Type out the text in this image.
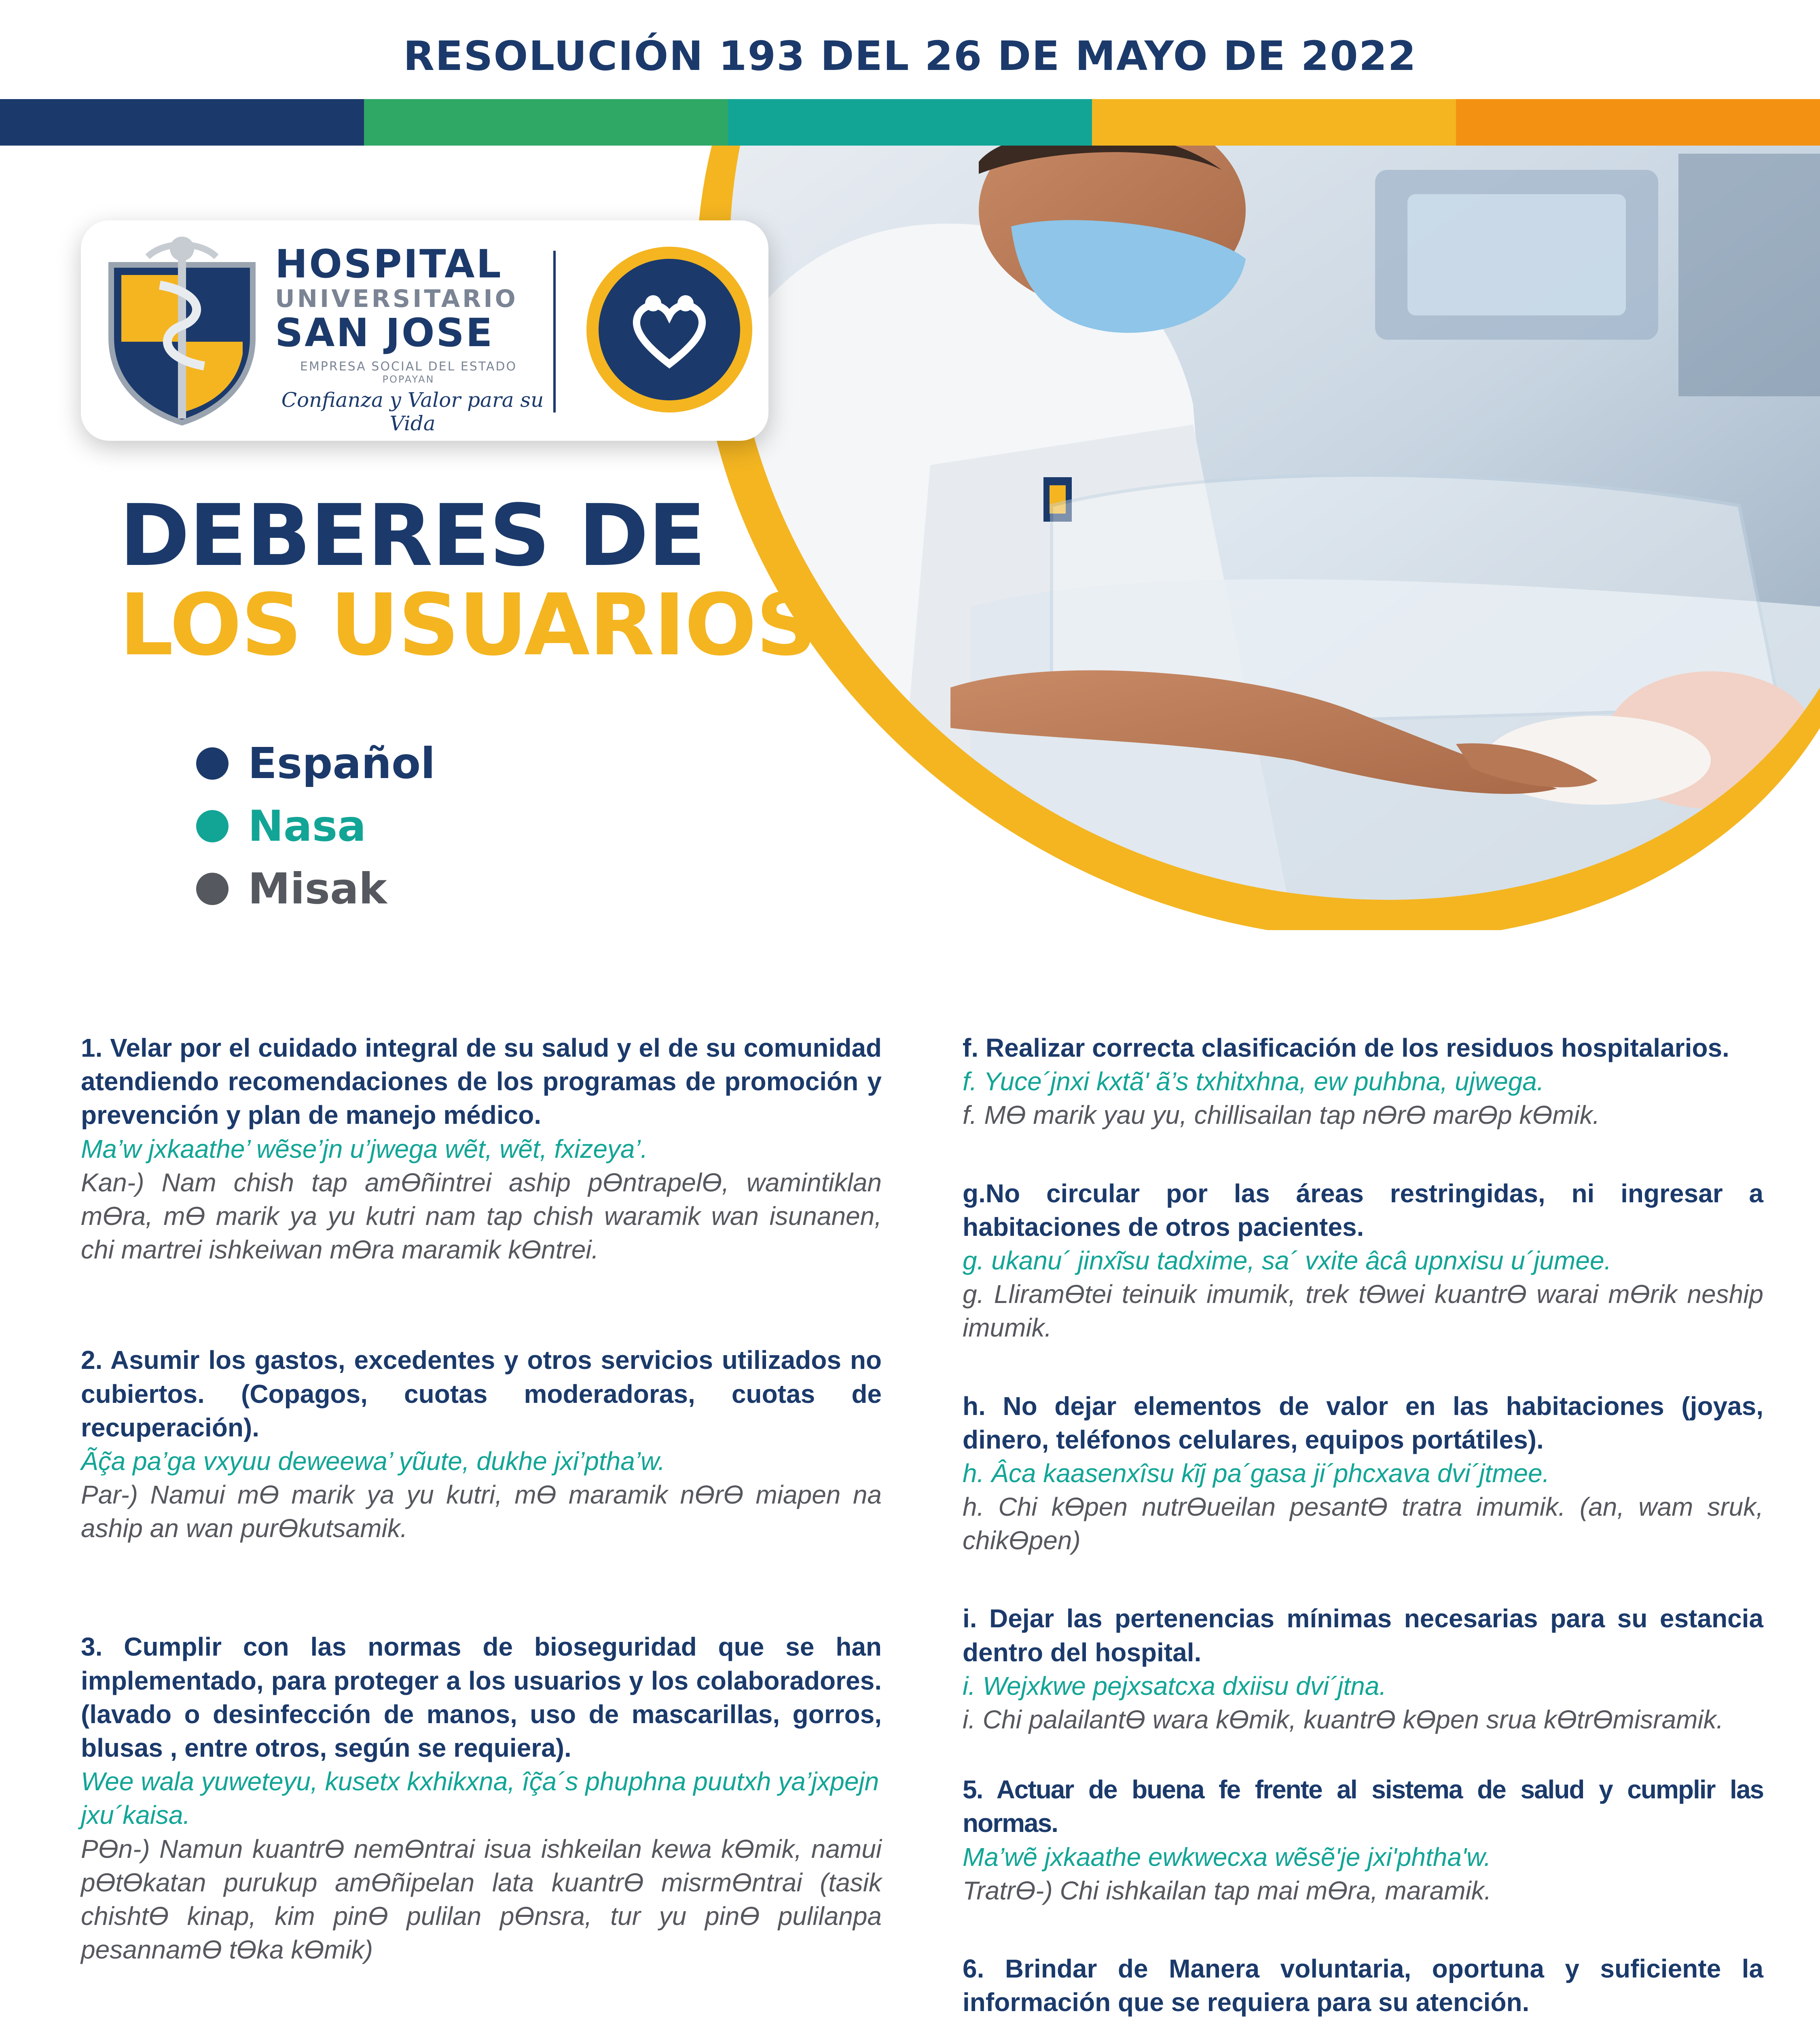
RESOLUCIÓN 193 DEL 26 DE MAYO DE 2022
HOSPITAL
UNIVERSITARIO
SAN JOSE
EMPRESA SOCIAL DEL ESTADO
POPAYAN
Confianza y Valor para su Vida
DEBERES DE
LOS USUARIOS
Español
Nasa
Misak
1. Velar por el cuidado integral de su salud y el de su comunidad atendiendo recomendaciones de los programas de promoción y prevención y plan de manejo médico.
Ma’w jxkaathe’ wẽse’jn u’jwega wẽt, wẽt, fxizeya’.
Kan-) Nam chish tap amϴñintrei aship pϴntrapelϴ, wamintiklan mϴra, mϴ marik ya yu kutri nam tap chish waramik wan isunanen, chi martrei ishkeiwan mϴra maramik kϴntrei.
2. Asumir los gastos, excedentes y otros servicios utilizados no cubiertos. (Copagos, cuotas moderadoras, cuotas de recuperación).
Ãç̃a pa’ga vxyuu deweewa’ yũute, dukhe jxi’ptha’w.
Par-) Namui mϴ marik ya yu kutri, mϴ maramik nϴrϴ miapen na aship an wan purϴkutsamik.
3. Cumplir con las normas de bioseguridad que se han implementado, para proteger a los usuarios y los colaboradores. (lavado o desinfección de manos, uso de mascarillas, gorros, blusas , entre otros, según se requiera).
Wee wala yuweteyu, kusetx kxhikxna, îç̃a´s phuphna puutxh ya’jxpejn jxu´kaisa.
Pϴn-) Namun kuantrϴ nemϴntrai isua ishkeilan kewa kϴmik, namui pϴtϴkatan purukup amϴñipelan lata kuantrϴ misrmϴntrai (tasik chishtϴ kinap, kim pinϴ pulilan pϴnsra, tur yu pinϴ pulilanpa pesannamϴ tϴka kϴmik)
f. Realizar correcta clasificación de los residuos hospitalarios.
f. Yuce´jnxi kxtã' ã’s txhitxhna, ew puhbna, ujwega.
f. Mϴ marik yau yu, chillisailan tap nϴrϴ marϴp kϴmik.
g.No circular por las áreas restringidas, ni ingresar a habitaciones de otros pacientes.
g. ukanu´ jinxĩsu tadxime, sa´ vxite âcâ upnxisu u´jumee.
g. Lliramϴtei teinuik imumik, trek tϴwei kuantrϴ warai mϴrik neship imumik.
h. No dejar elementos de valor en las habitaciones (joyas, dinero, teléfonos celulares, equipos portátiles).
h. Âca kaasenxîsu kĩj pa´gasa ji´phcxava dvi´jtmee.
h. Chi kϴpen nutrϴueilan pesantϴ tratra imumik. (an, wam sruk, chikϴpen)
i. Dejar las pertenencias mínimas necesarias para su estancia dentro del hospital.
i. Wejxkwe pejxsatcxa dxiisu dvi´jtna.
i. Chi palailantϴ wara kϴmik, kuantrϴ kϴpen srua kϴtrϴmisramik.
5. Actuar de buena fe frente al sistema de salud y cumplir las normas.
Ma’wẽ jxkaathe ewkwecxa wẽsẽ'je jxi'phtha'w.
Tratrϴ-) Chi ishkailan tap mai mϴra, maramik.
6. Brindar de Manera voluntaria, oportuna y suficiente la información que se requiera para su atención.
